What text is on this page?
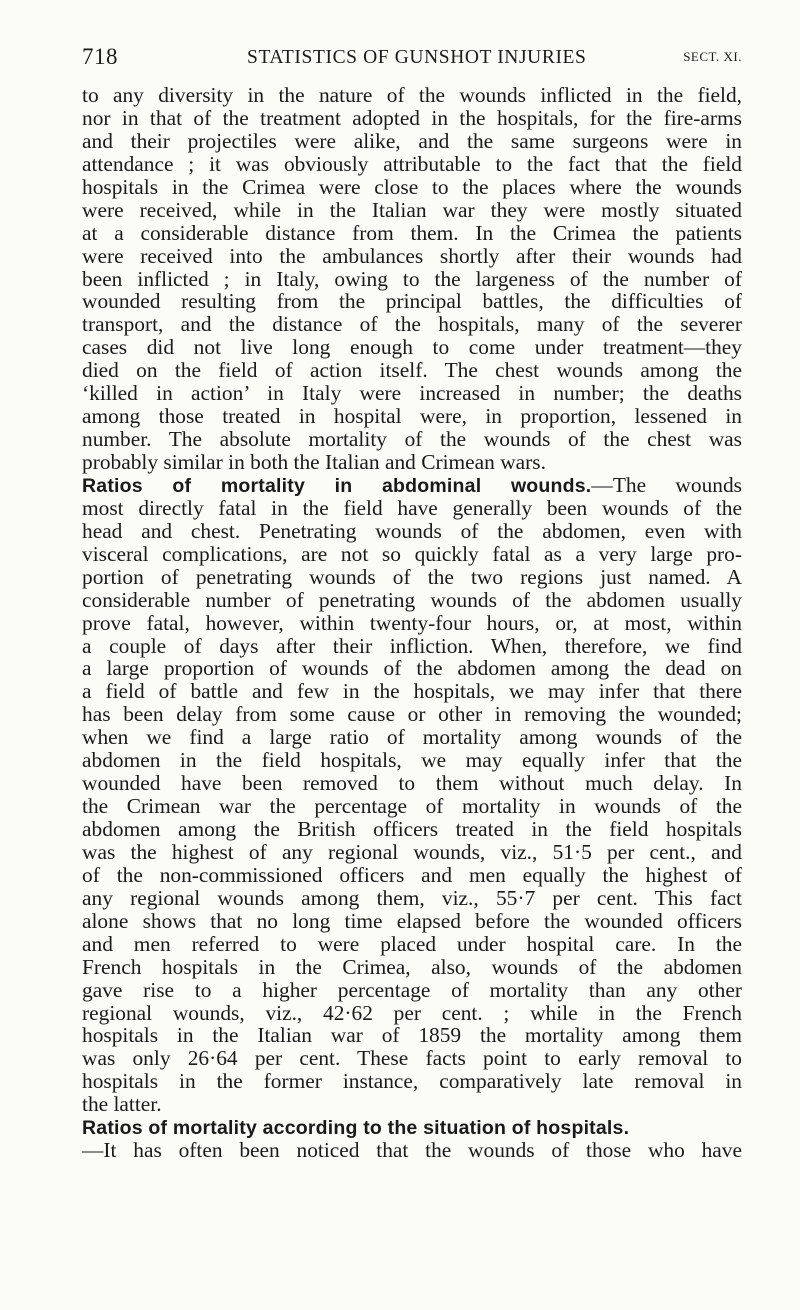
718	STATISTICS OF GUNSHOT INJURIES	SECT. XI.
to any diversity in the nature of the wounds inflicted in the field,
nor in that of the treatment adopted in the hospitals, for the fire-arms
and their projectiles were alike, and the same surgeons were in
attendance ; it was obviously attributable to the fact that the field
hospitals in the Crimea were close to the places where the wounds
were received, while in the Italian war they were mostly situated
at a considerable distance from them. In the Crimea the patients
were received into the ambulances shortly after their wounds had
been inflicted ; in Italy, owing to the largeness of the number of
wounded resulting from the principal battles, the difficulties of
transport, and the distance of the hospitals, many of the severer
cases did not live long enough to come under treatment—they
died on the field of action itself. The chest wounds among the
‘killed in action’ in Italy were increased in number; the deaths
among those treated in hospital were, in proportion, lessened in
number. The absolute mortality of the wounds of the chest was
probably similar in both the Italian and Crimean wars.
Ratios of mortality in abdominal wounds.—The wounds
most directly fatal in the field have generally been wounds of the
head and chest. Penetrating wounds of the abdomen, even with
visceral complications, are not so quickly fatal as a very large pro-
portion of penetrating wounds of the two regions just named. A
considerable number of penetrating wounds of the abdomen usually
prove fatal, however, within twenty-four hours, or, at most, within
a couple of days after their infliction. When, therefore, we find
a large proportion of wounds of the abdomen among the dead on
a field of battle and few in the hospitals, we may infer that there
has been delay from some cause or other in removing the wounded;
when we find a large ratio of mortality among wounds of the
abdomen in the field hospitals, we may equally infer that the
wounded have been removed to them without much delay. In
the Crimean war the percentage of mortality in wounds of the
abdomen among the British officers treated in the field hospitals
was the highest of any regional wounds, viz., 51·5 per cent., and
of the non-commissioned officers and men equally the highest of
any regional wounds among them, viz., 55·7 per cent. This fact
alone shows that no long time elapsed before the wounded officers
and men referred to were placed under hospital care. In the
French hospitals in the Crimea, also, wounds of the abdomen
gave rise to a higher percentage of mortality than any other
regional wounds, viz., 42·62 per cent. ; while in the French
hospitals in the Italian war of 1859 the mortality among them
was only 26·64 per cent. These facts point to early removal to
hospitals in the former instance, comparatively late removal in
the latter.
Ratios of mortality according to the situation of hospitals.
—It has often been noticed that the wounds of those who have
